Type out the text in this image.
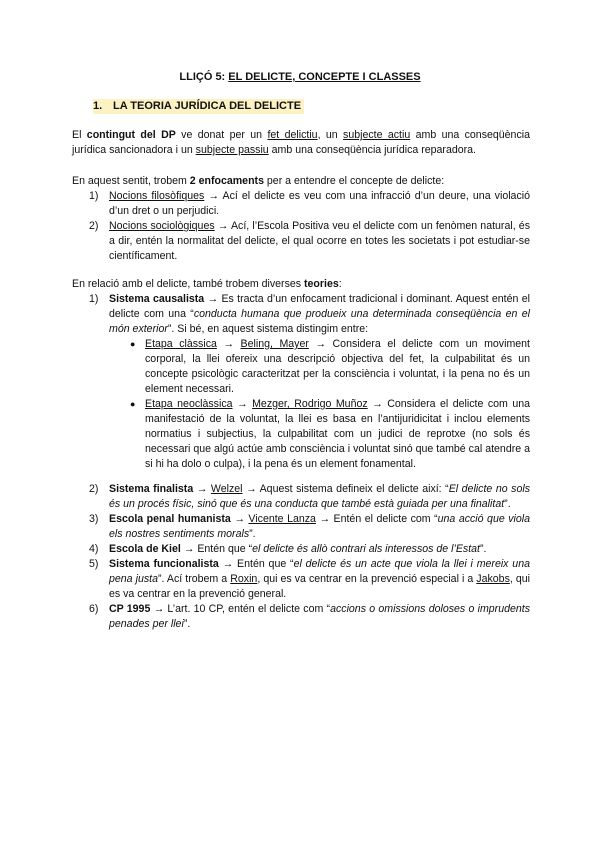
LLIÇÓ 5: EL DELICTE, CONCEPTE I CLASSES
1. LA TEORIA JURÍDICA DEL DELICTE

El contingut del DP ve donat per un fet delictiu, un subjecte actiu amb una conseqüència jurídica sancionadora i un subjecte passiu amb una conseqüència jurídica reparadora.

En aquest sentit, trobem 2 enfocaments per a entendre el concepte de delicte:

1) Nocions filosòfiques → Ací el delicte es veu com una infracció d’un deure, una violació d’un dret o un perjudici.
2) Nocions sociològiques → Ací, l’Escola Positiva veu el delicte com un fenòmen natural, és a dir, entén la normalitat del delicte, el qual ocorre en totes les societats i pot estudiar-se científicament.

En relació amb el delicte, també trobem diverses teories:

1) Sistema causalista → Es tracta d’un enfocament tradicional i dominant. Aquest entén el delicte com una “conducta humana que produeix una determinada conseqüència en el món exterior”. Si bé, en aquest sistema distingim entre:
● Etapa clàssica → Beling, Mayer → Considera el delicte com un moviment corporal, la llei ofereix una descripció objectiva del fet, la culpabilitat és un concepte psicològic caracteritzat per la consciència i voluntat, i la pena no és un element necessari.
● Etapa neoclàssica → Mezger, Rodrigo Muñoz → Considera el delicte com una manifestació de la voluntat, la llei es basa en l’antijuridicitat i inclou elements normatius i subjectius, la culpabilitat com un judici de reprotxe (no sols és necessari que algú actúe amb consciència i voluntat sinó que també cal atendre a si hi ha dolo o culpa), i la pena és un element fonamental.
2) Sistema finalista → Welzel → Aquest sistema defineix el delicte així: “El delicte no sols és un procés físic, sinó que és una conducta que també està guiada per una finalitat”.
3) Escola penal humanista → Vicente Lanza → Entén el delicte com “una acció que viola els nostres sentiments morals”.
4) Escola de Kiel → Entén que “el delicte és allò contrari als interessos de l’Estat”.
5) Sistema funcionalista → Entén que “el delicte és un acte que viola la llei i mereix una pena justa”. Ací trobem a Roxin, qui es va centrar en la prevenció especial i a Jakobs, qui es va centrar en la prevenció general.
6) CP 1995 → L’art. 10 CP, entén el delicte com “accions o omissions doloses o imprudents penades per llei”.
